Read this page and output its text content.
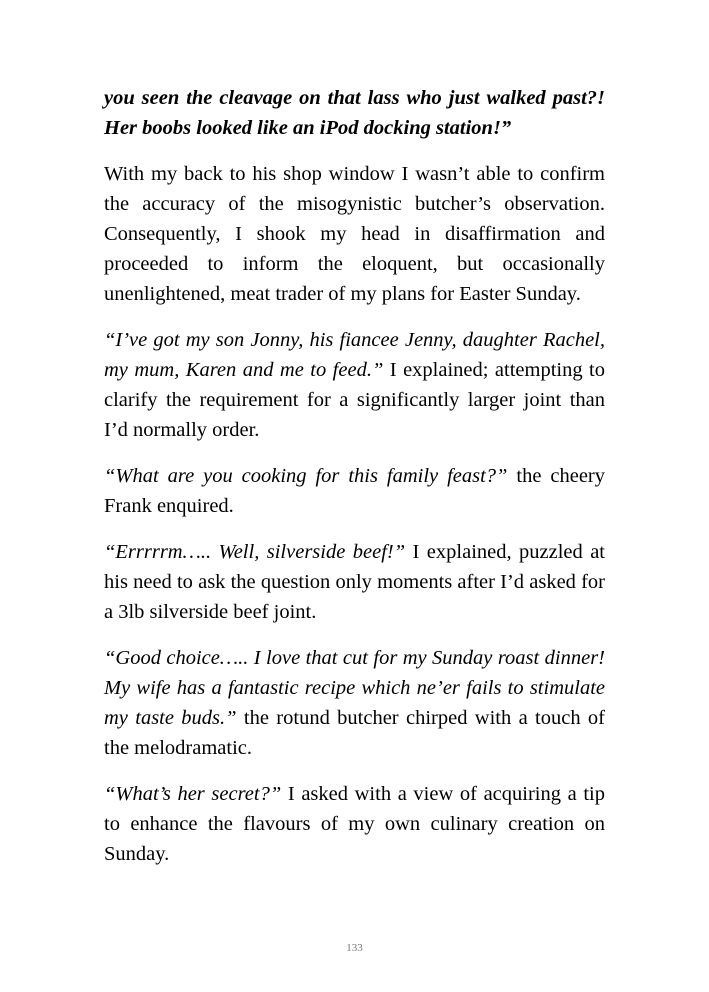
you seen the cleavage on that lass who just walked past?! Her boobs looked like an iPod docking station!”

With my back to his shop window I wasn’t able to confirm the accuracy of the misogynistic butcher’s observation. Consequently, I shook my head in disaffirmation and proceeded to inform the eloquent, but occasionally unenlightened, meat trader of my plans for Easter Sunday.

“I’ve got my son Jonny, his fiancee Jenny, daughter Rachel, my mum, Karen and me to feed.” I explained; attempting to clarify the requirement for a significantly larger joint than I’d normally order.

“What are you cooking for this family feast?” the cheery Frank enquired.

“Errrrrm….. Well, silverside beef!” I explained, puzzled at his need to ask the question only moments after I’d asked for a 3lb silverside beef joint.

“Good choice….. I love that cut for my Sunday roast dinner! My wife has a fantastic recipe which ne’er fails to stimulate my taste buds.” the rotund butcher chirped with a touch of the melodramatic.

“What’s her secret?” I asked with a view of acquiring a tip to enhance the flavours of my own culinary creation on Sunday.

133
